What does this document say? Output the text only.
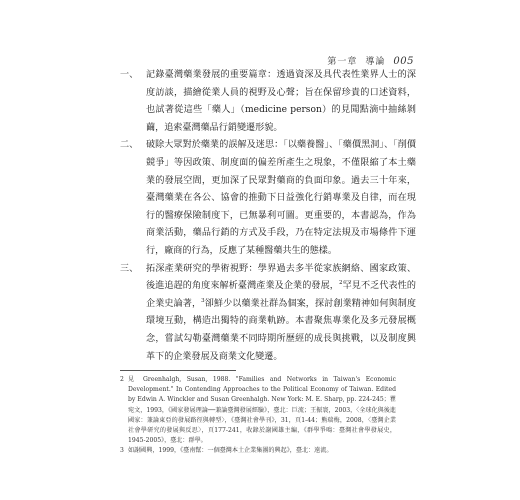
第一章 導論 005
一、 記錄臺灣藥業發展的重要篇章：透過資深及具代表性業界人士的深度訪談，描繪從業人員的視野及心聲；旨在保留珍貴的口述資料，也試著從這些「藥人」（medicine person）的見聞點滴中抽絲剝繭，追索臺灣藥品行銷變遷形貌。
二、 破除大眾對於藥業的誤解及迷思：「以藥養醫」、「藥價黑洞」、「削價競爭」等因政策、制度面的偏差所產生之現象，不僅限縮了本土藥業的發展空間，更加深了民眾對藥商的負面印象。過去三十年來，臺灣藥業在各公、協會的推動下日益強化行銷專業及自律，而在現行的醫療保險制度下，已無暴利可圖。更重要的，本書認為，作為商業活動，藥品行銷的方式及手段，乃在特定法規及市場條件下運行，廠商的行為，反應了某種醫藥共生的態樣。
三、 拓深產業研究的學術視野：學界過去多半從家族網絡、國家政策、後進追趕的角度來解析臺灣產業及企業的發展，$^2$罕見不乏代表性的企業史論著，$^3$卻鮮少以藥業社群為個案，探討創業精神如何與制度環境互動，構造出獨特的商業軌跡。本書聚焦專業化及多元發展概念，嘗試勾勒臺灣藥業不同時期所歷經的成長與挑戰，以及制度興革下的企業發展及商業文化變遷。
2 見 Greenhalgh, Susan, 1988. "Families and Networks in Taiwan's Economic Development." In Contending Approaches to the Political Economy of Taiwan. Edited by Edwin A. Winckler and Susan Greenhalgh. New York: M. E. Sharp, pp. 224-245；瞿宛文，1993，《國家發展理論──兼論臺灣發展經驗》，臺北：巨流；王振寰，2003，〈全球化與後進國家：兼論東亞的發展路徑與轉型〉，《臺灣社會學刊》，31，頁1-44；熊瑞梅，2008，〈臺灣企業社會學研究的發展與反思〉，頁177-241，收錄於謝國雄主編，《群學爭鳴：臺灣社會學發展史，1945-2005》，臺北：群學。
3 如謝國興，1999，《臺南幫：一個臺灣本土企業集團的興起》，臺北：遠流。
